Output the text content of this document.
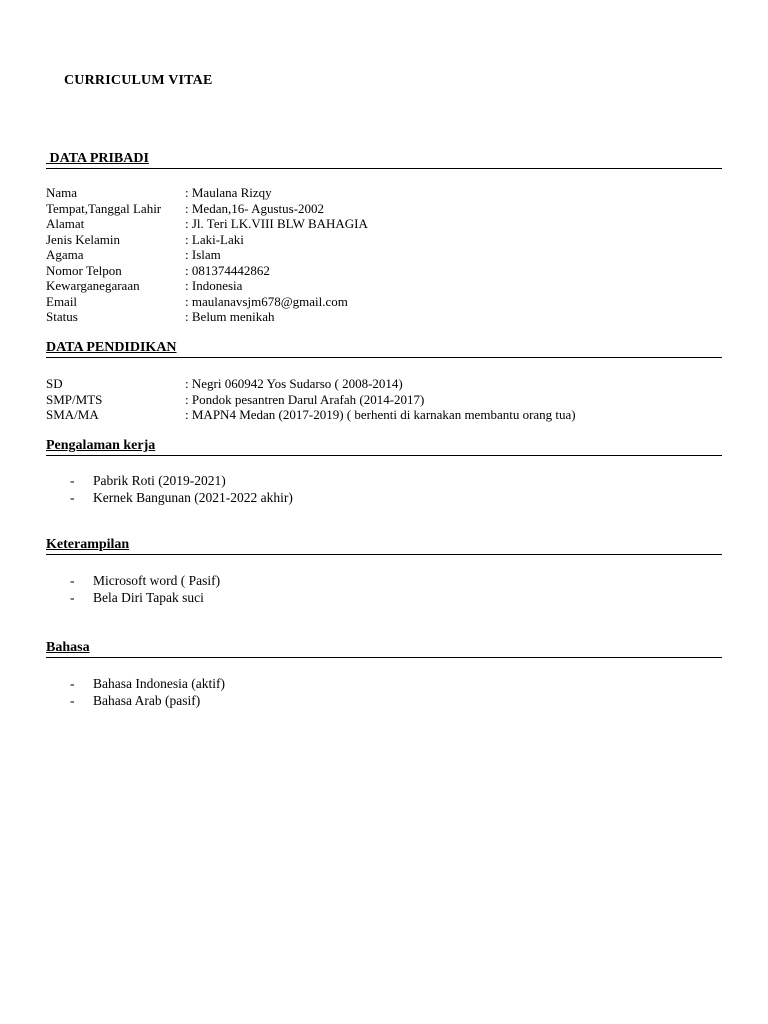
CURRICULUM VITAE
DATA PRIBADI
Nama	: Maulana Rizqy
Tempat,Tanggal Lahir	: Medan,16- Agustus-2002
Alamat	: Jl. Teri LK.VIII BLW BAHAGIA
Jenis Kelamin	: Laki-Laki
Agama	: Islam
Nomor Telpon	: 081374442862
Kewarganegaraan	: Indonesia
Email	: maulanavsjm678@gmail.com
Status	: Belum menikah
DATA PENDIDIKAN
SD	: Negri 060942 Yos Sudarso ( 2008-2014)
SMP/MTS	: Pondok pesantren Darul Arafah (2014-2017)
SMA/MA	: MAPN4 Medan (2017-2019) ( berhenti di karnakan membantu orang tua)
Pengalaman kerja
-	Pabrik Roti (2019-2021)
-	Kernek Bangunan (2021-2022 akhir)
Keterampilan
-	Microsoft word ( Pasif)
-	Bela Diri Tapak suci
Bahasa
-	Bahasa Indonesia (aktif)
-	Bahasa Arab (pasif)
